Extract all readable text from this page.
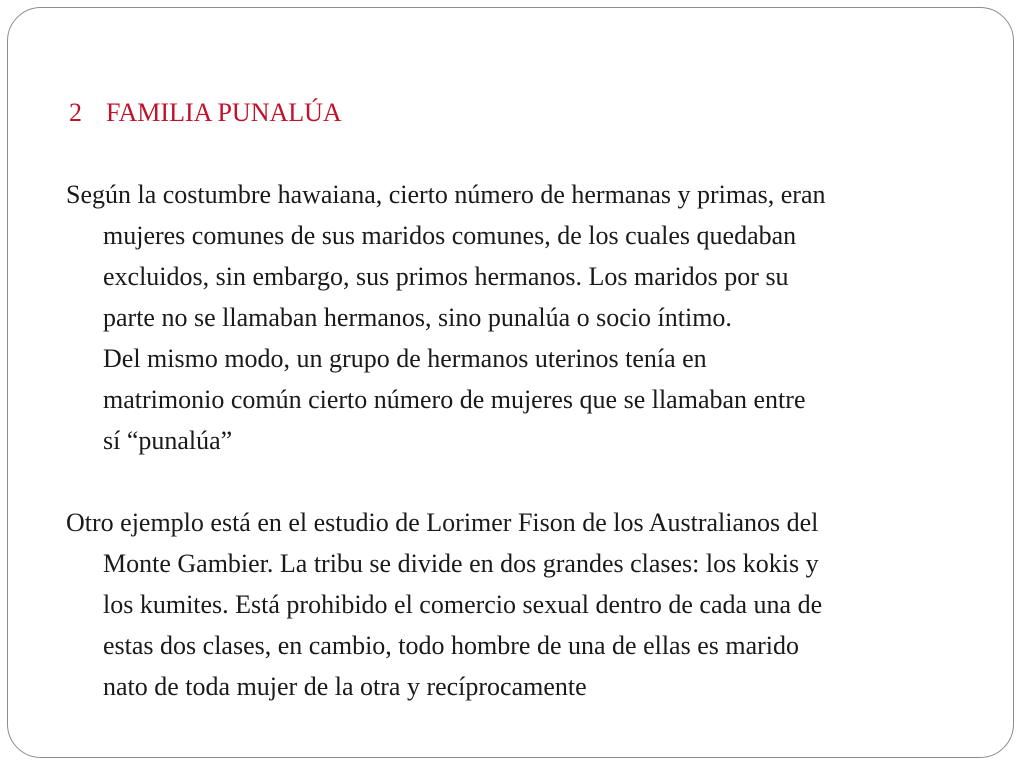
2 FAMILIA PUNALÚA

Según la costumbre hawaiana, cierto número de hermanas y primas, eran
mujeres comunes de sus maridos comunes, de los cuales quedaban
excluidos, sin embargo, sus primos hermanos. Los maridos por su
parte no se llamaban hermanos, sino punalúa o socio íntimo.
Del mismo modo, un grupo de hermanos uterinos tenía en
matrimonio común cierto número de mujeres que se llamaban entre
sí “punalúa”
Otro ejemplo está en el estudio de Lorimer Fison de los Australianos del
Monte Gambier. La tribu se divide en dos grandes clases: los kokis y
los kumites. Está prohibido el comercio sexual dentro de cada una de
estas dos clases, en cambio, todo hombre de una de ellas es marido
nato de toda mujer de la otra y recíprocamente
